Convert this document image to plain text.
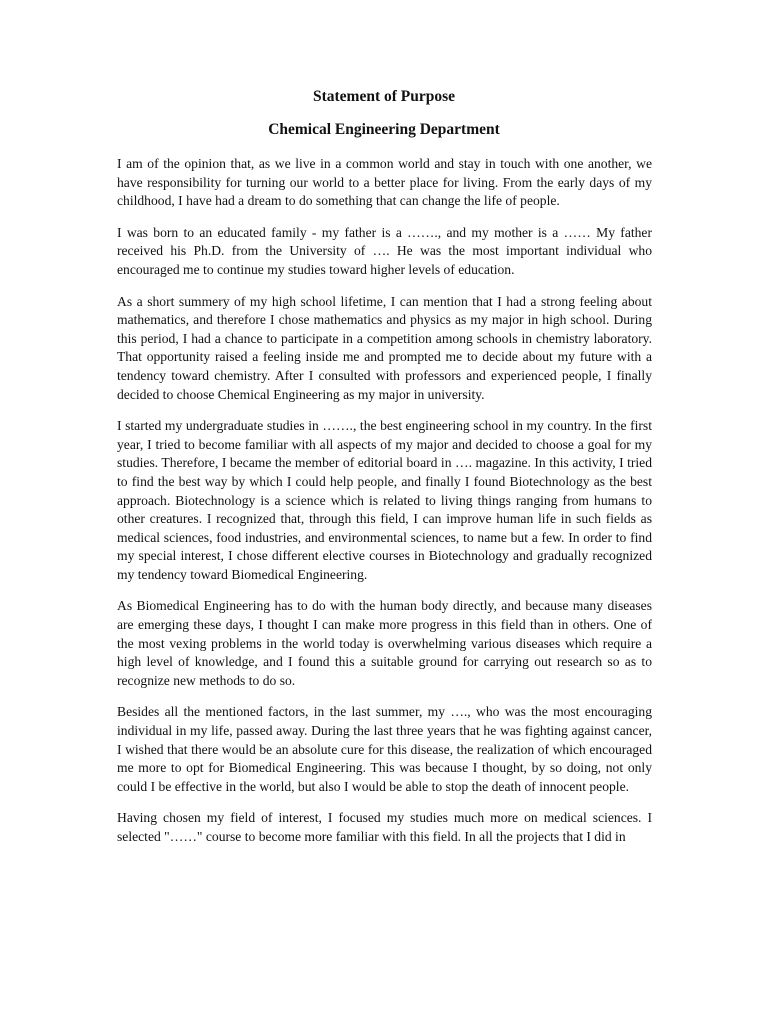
Statement of Purpose
Chemical Engineering Department

I am of the opinion that, as we live in a common world and stay in touch with one another, we have responsibility for turning our world to a better place for living. From the early days of my childhood, I have had a dream to do something that can change the life of people.

I was born to an educated family - my father is a ……., and my mother is a …… My father received his Ph.D. from the University of …. He was the most important individual who encouraged me to continue my studies toward higher levels of education.

As a short summery of my high school lifetime, I can mention that I had a strong feeling about mathematics, and therefore I chose mathematics and physics as my major in high school. During this period, I had a chance to participate in a competition among schools in chemistry laboratory. That opportunity raised a feeling inside me and prompted me to decide about my future with a tendency toward chemistry. After I consulted with professors and experienced people, I finally decided to choose Chemical Engineering as my major in university.

I started my undergraduate studies in ……., the best engineering school in my country. In the first year, I tried to become familiar with all aspects of my major and decided to choose a goal for my studies. Therefore, I became the member of editorial board in …. magazine. In this activity, I tried to find the best way by which I could help people, and finally I found Biotechnology as the best approach. Biotechnology is a science which is related to living things ranging from humans to other creatures. I recognized that, through this field, I can improve human life in such fields as medical sciences, food industries, and environmental sciences, to name but a few. In order to find my special interest, I chose different elective courses in Biotechnology and gradually recognized my tendency toward Biomedical Engineering.

As Biomedical Engineering has to do with the human body directly, and because many diseases are emerging these days, I thought I can make more progress in this field than in others. One of the most vexing problems in the world today is overwhelming various diseases which require a high level of knowledge, and I found this a suitable ground for carrying out research so as to recognize new methods to do so.

Besides all the mentioned factors, in the last summer, my …., who was the most encouraging individual in my life, passed away. During the last three years that he was fighting against cancer, I wished that there would be an absolute cure for this disease, the realization of which encouraged me more to opt for Biomedical Engineering. This was because I thought, by so doing, not only could I be effective in the world, but also I would be able to stop the death of innocent people.

Having chosen my field of interest, I focused my studies much more on medical sciences. I selected "……" course to become more familiar with this field. In all the projects that I did in
